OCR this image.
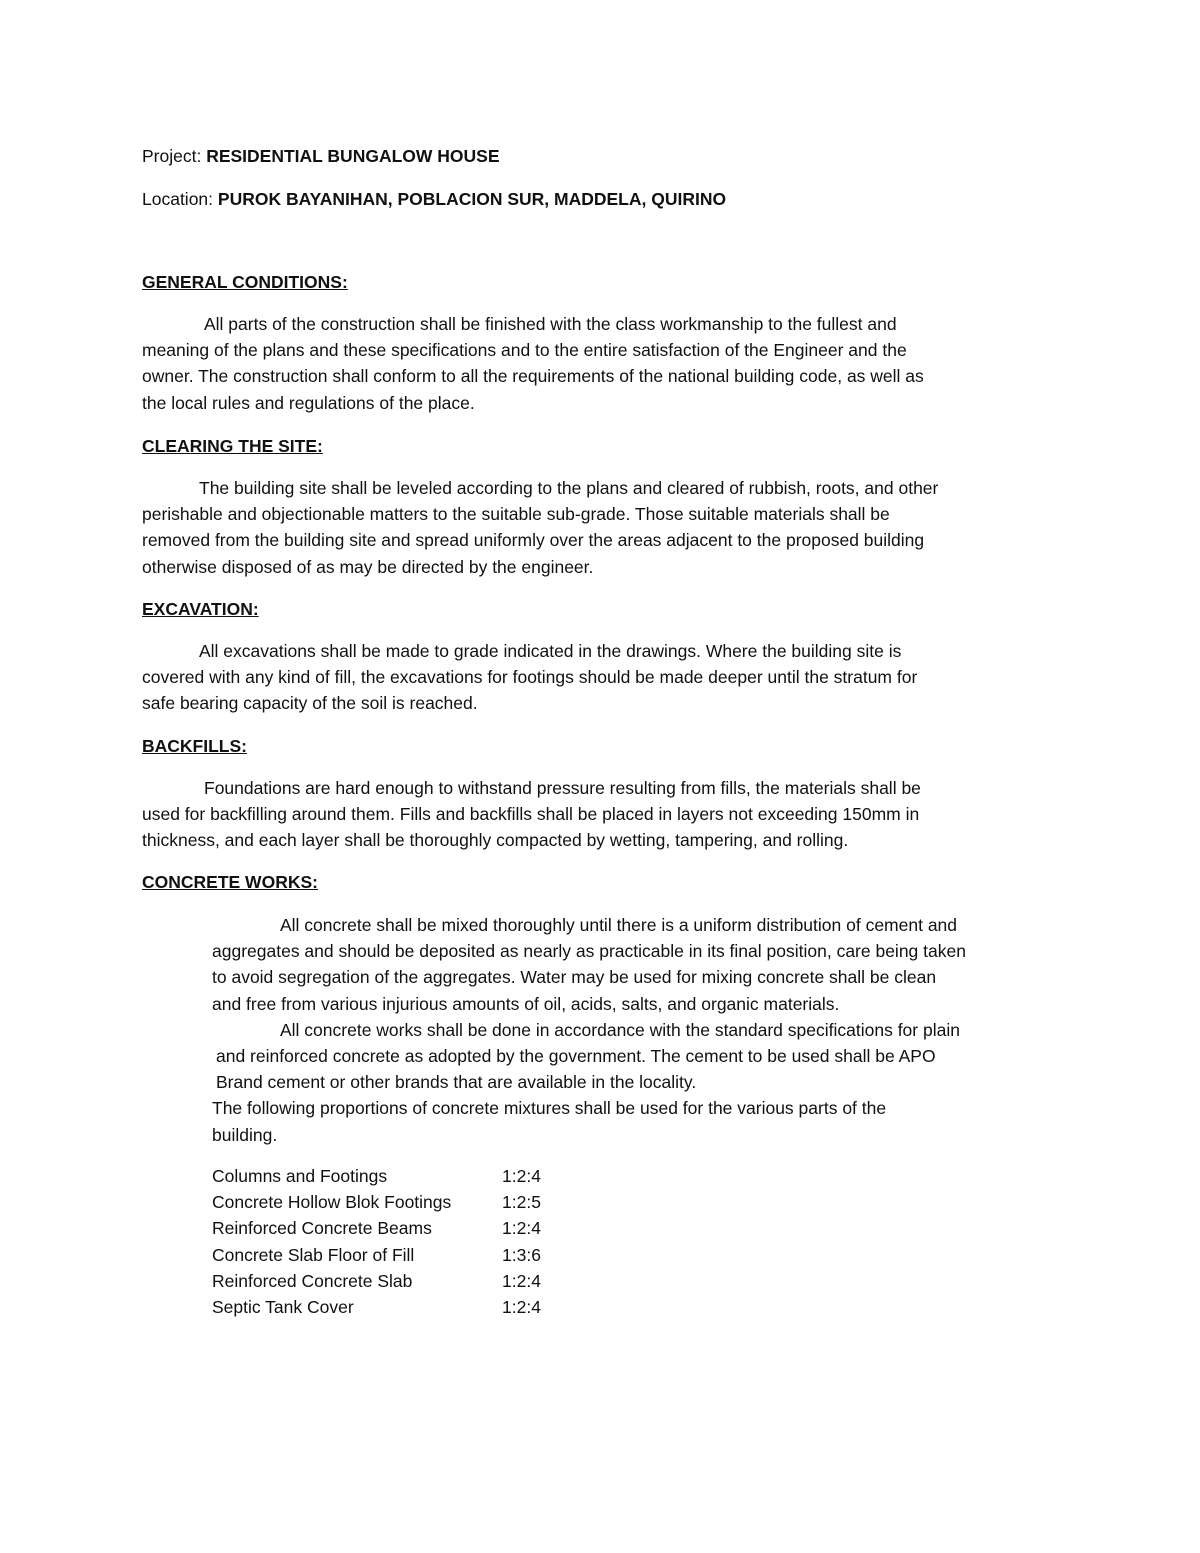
Project: RESIDENTIAL BUNGALOW HOUSE
Location: PUROK BAYANIHAN, POBLACION SUR, MADDELA, QUIRINO
GENERAL CONDITIONS:
All parts of the construction shall be finished with the class workmanship to the fullest and
meaning of the plans and these specifications and to the entire satisfaction of the Engineer and the
owner. The construction shall conform to all the requirements of the national building code, as well as
the local rules and regulations of the place.
CLEARING THE SITE:
The building site shall be leveled according to the plans and cleared of rubbish, roots, and other
perishable and objectionable matters to the suitable sub-grade. Those suitable materials shall be
removed from the building site and spread uniformly over the areas adjacent to the proposed building
otherwise disposed of as may be directed by the engineer.
EXCAVATION:
All excavations shall be made to grade indicated in the drawings. Where the building site is
covered with any kind of fill, the excavations for footings should be made deeper until the stratum for
safe bearing capacity of the soil is reached.
BACKFILLS:
Foundations are hard enough to withstand pressure resulting from fills, the materials shall be
used for backfilling around them. Fills and backfills shall be placed in layers not exceeding 150mm in
thickness, and each layer shall be thoroughly compacted by wetting, tampering, and rolling.
CONCRETE WORKS:
All concrete shall be mixed thoroughly until there is a uniform distribution of cement and
aggregates and should be deposited as nearly as practicable in its final position, care being taken
to avoid segregation of the aggregates. Water may be used for mixing concrete shall be clean
and free from various injurious amounts of oil, acids, salts, and organic materials.
All concrete works shall be done in accordance with the standard specifications for plain
and reinforced concrete as adopted by the government. The cement to be used shall be APO
Brand cement or other brands that are available in the locality.
The following proportions of concrete mixtures shall be used for the various parts of the
building.
Columns and Footings	1:2:4
Concrete Hollow Blok Footings	1:2:5
Reinforced Concrete Beams	1:2:4
Concrete Slab Floor of Fill	1:3:6
Reinforced Concrete Slab	1:2:4
Septic Tank Cover	1:2:4
